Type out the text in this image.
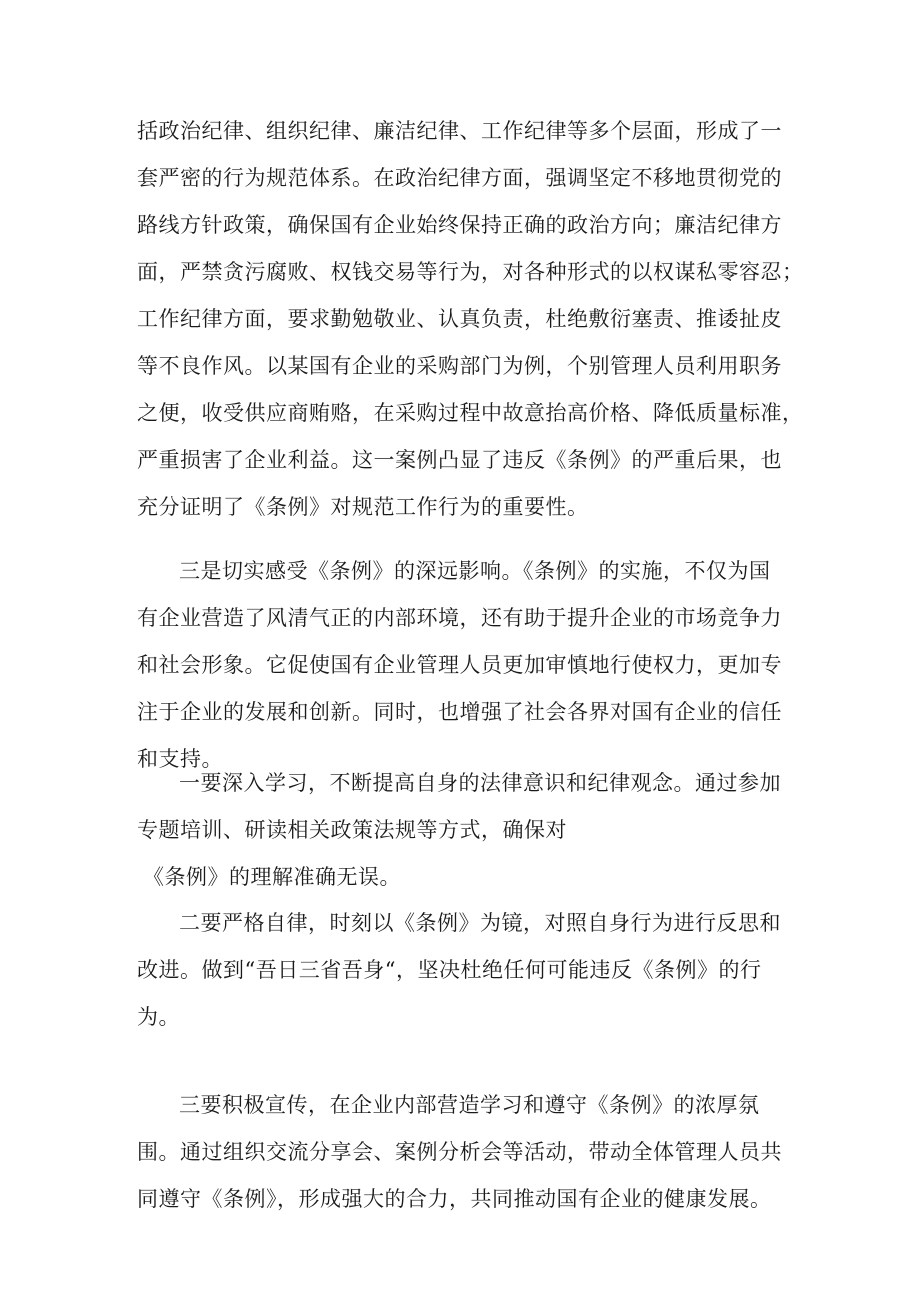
括政治纪律、组织纪律、廉洁纪律、工作纪律等多个层面，形成了一
套严密的行为规范体系。在政治纪律方面，强调坚定不移地贯彻党的
路线方针政策，确保国有企业始终保持正确的政治方向；廉洁纪律方
面，严禁贪污腐败、权钱交易等行为，对各种形式的以权谋私零容忍；
工作纪律方面，要求勤勉敬业、认真负责，杜绝敷衍塞责、推诿扯皮
等不良作风。以某国有企业的采购部门为例，个别管理人员利用职务
之便，收受供应商贿赂，在采购过程中故意抬高价格、降低质量标准，
严重损害了企业利益。这一案例凸显了违反《条例》的严重后果，也
充分证明了《条例》对规范工作行为的重要性。

三是切实感受《条例》的深远影响。《条例》的实施，不仅为国
有企业营造了风清气正的内部环境，还有助于提升企业的市场竞争力
和社会形象。它促使国有企业管理人员更加审慎地行使权力，更加专
注于企业的发展和创新。同时，也增强了社会各界对国有企业的信任
和支持。

一要深入学习，不断提高自身的法律意识和纪律观念。通过参加
专题培训、研读相关政策法规等方式，确保对
《条例》的理解准确无误。

二要严格自律，时刻以《条例》为镜，对照自身行为进行反思和
改进。做到“吾日三省吾身“，坚决杜绝任何可能违反《条例》的行
为。

三要积极宣传，在企业内部营造学习和遵守《条例》的浓厚氛
围。通过组织交流分享会、案例分析会等活动，带动全体管理人员共
同遵守《条例》，形成强大的合力，共同推动国有企业的健康发展。
